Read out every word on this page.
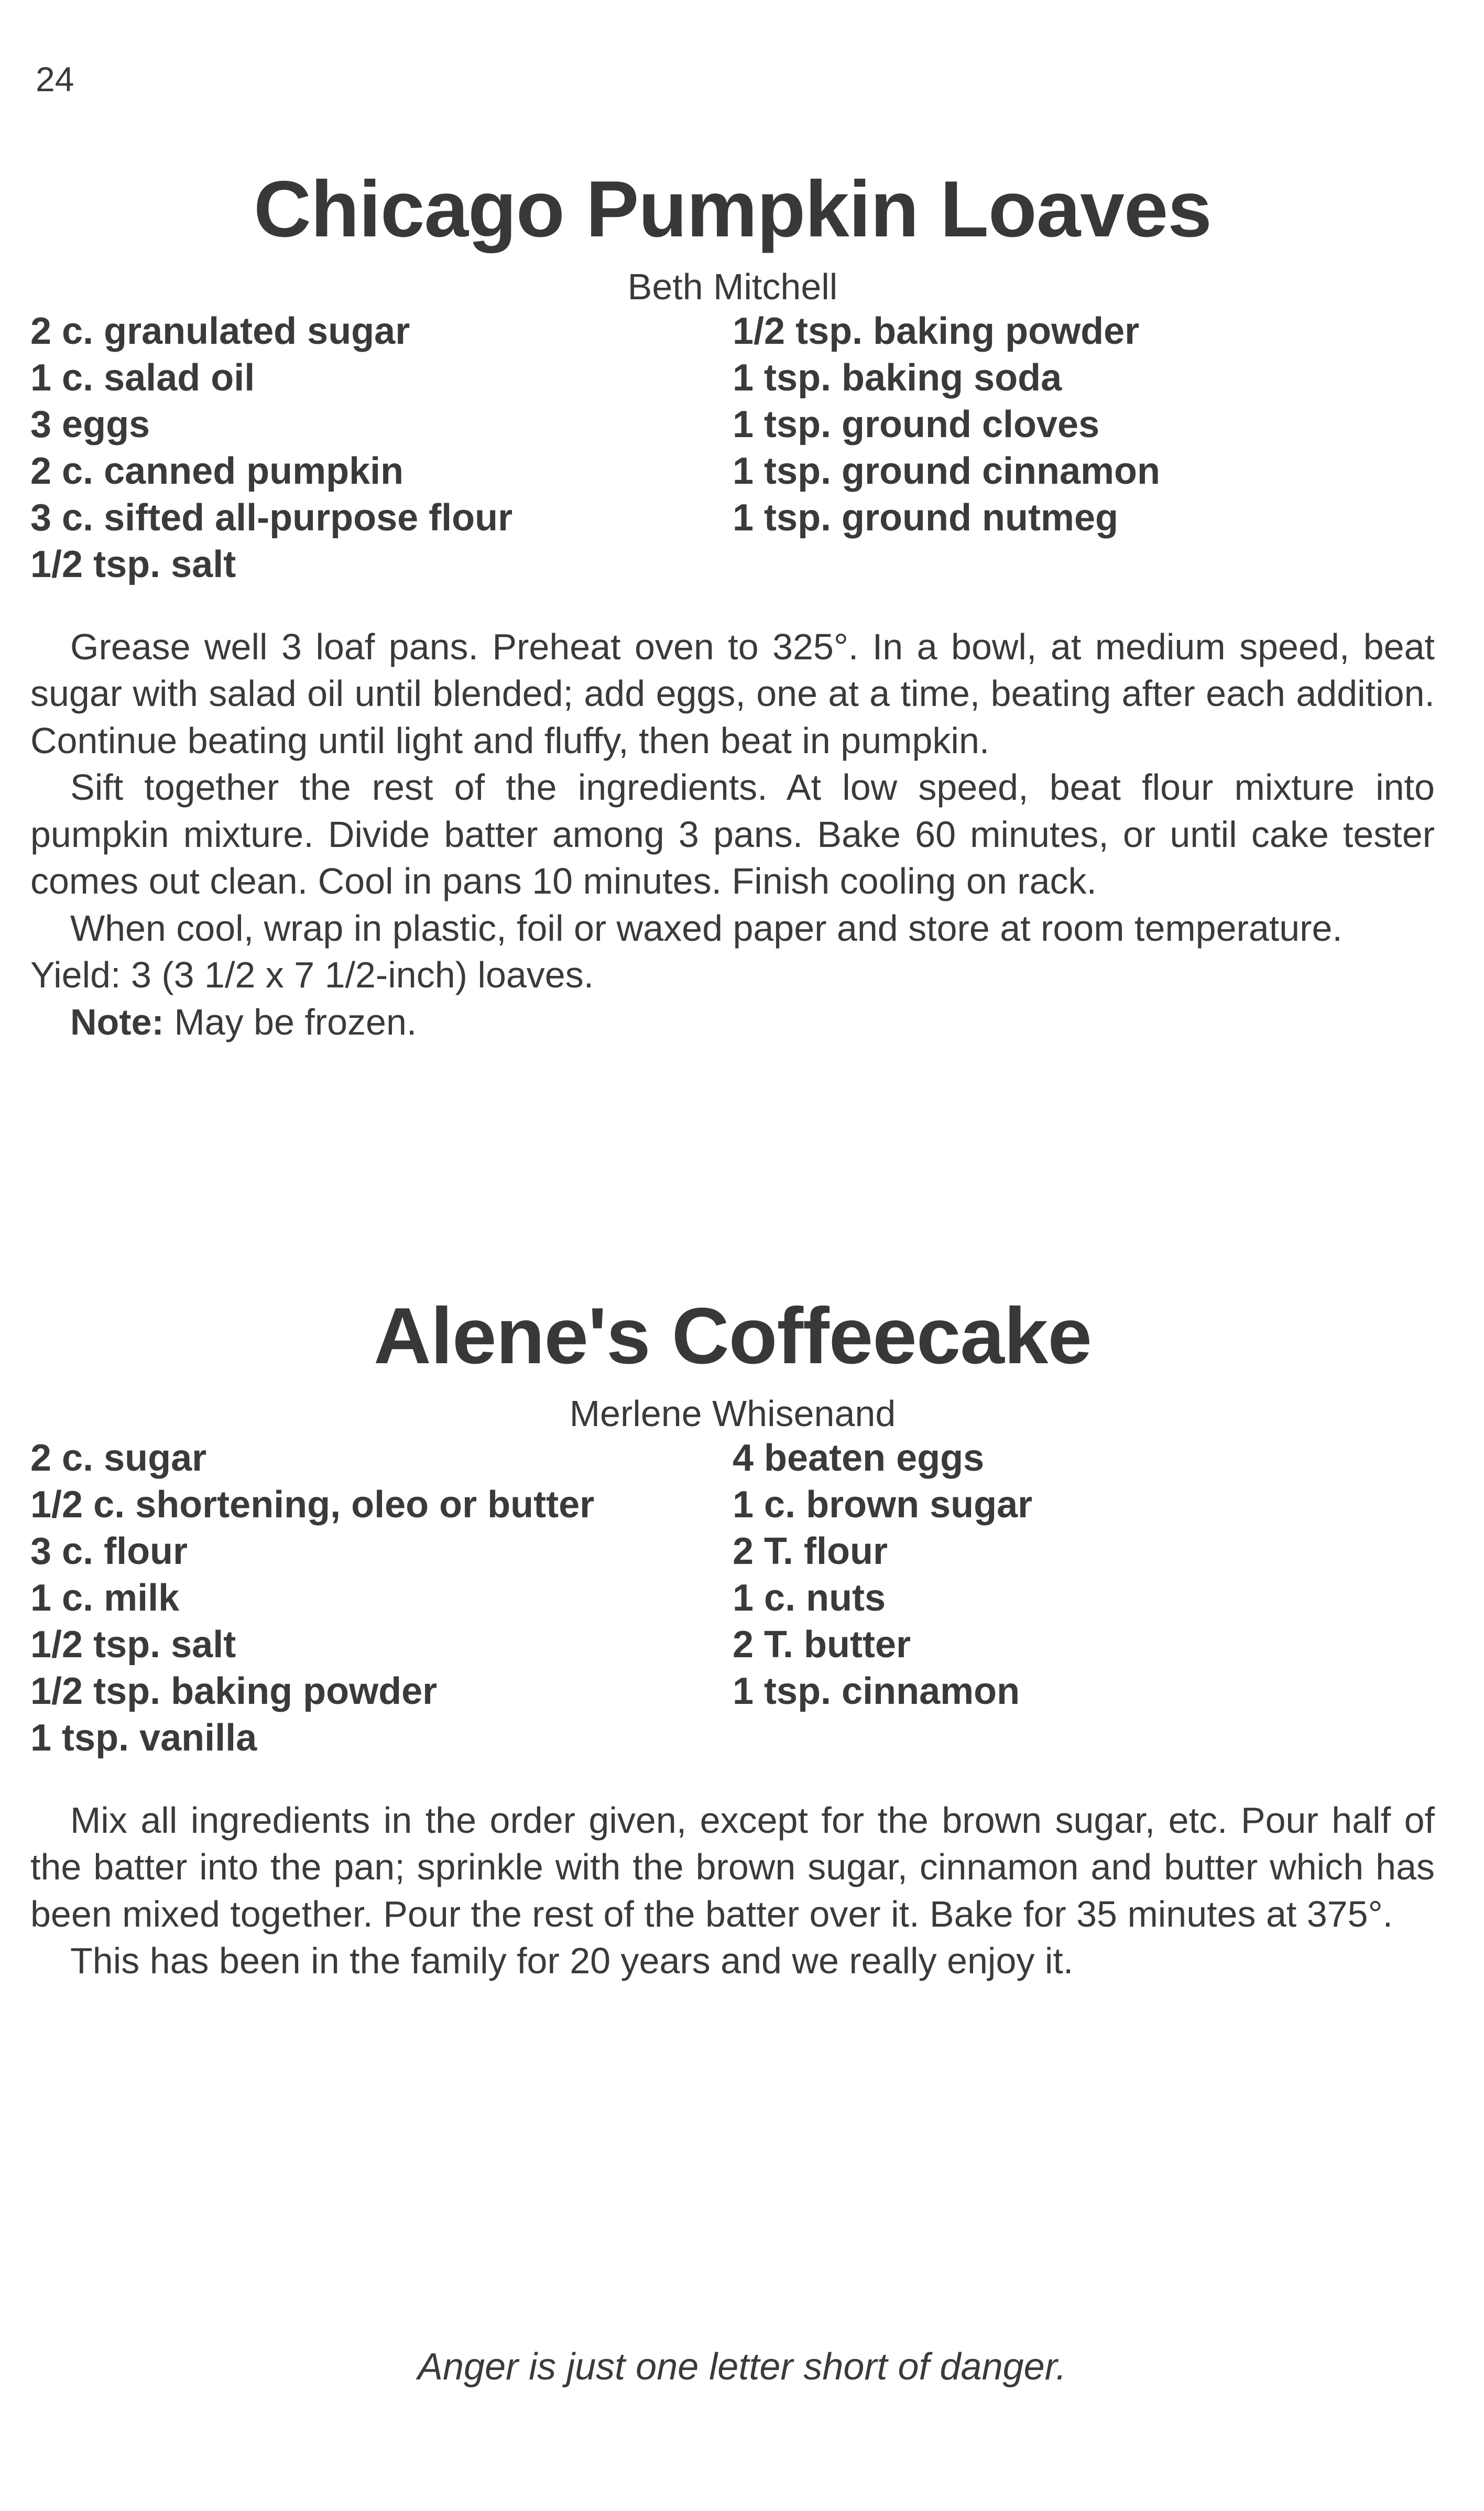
24
Chicago Pumpkin Loaves
Beth Mitchell
2 c. granulated sugar
1 c. salad oil
3 eggs
2 c. canned pumpkin
3 c. sifted all-purpose flour
1/2 tsp. salt
1/2 tsp. baking powder
1 tsp. baking soda
1 tsp. ground cloves
1 tsp. ground cinnamon
1 tsp. ground nutmeg

Grease well 3 loaf pans. Preheat oven to 325°. In a bowl, at medium speed, beat sugar with salad oil until blended; add eggs, one at a time, beating after each addition. Continue beating until light and fluffy, then beat in pumpkin.

Sift together the rest of the ingredients. At low speed, beat flour mixture into pumpkin mixture. Divide batter among 3 pans. Bake 60 minutes, or until cake tester comes out clean. Cool in pans 10 minutes. Finish cooling on rack.

When cool, wrap in plastic, foil or waxed paper and store at room temperature.

Yield: 3 (3 1/2 x 7 1/2-inch) loaves.

Note: May be frozen.

Alene's Coffeecake
Merlene Whisenand
2 c. sugar
1/2 c. shortening, oleo or butter
3 c. flour
1 c. milk
1/2 tsp. salt
1/2 tsp. baking powder
1 tsp. vanilla
4 beaten eggs
1 c. brown sugar
2 T. flour
1 c. nuts
2 T. butter
1 tsp. cinnamon

Mix all ingredients in the order given, except for the brown sugar, etc. Pour half of the batter into the pan; sprinkle with the brown sugar, cinnamon and butter which has been mixed together. Pour the rest of the batter over it. Bake for 35 minutes at 375°.

This has been in the family for 20 years and we really enjoy it.

Anger is just one letter short of danger.
